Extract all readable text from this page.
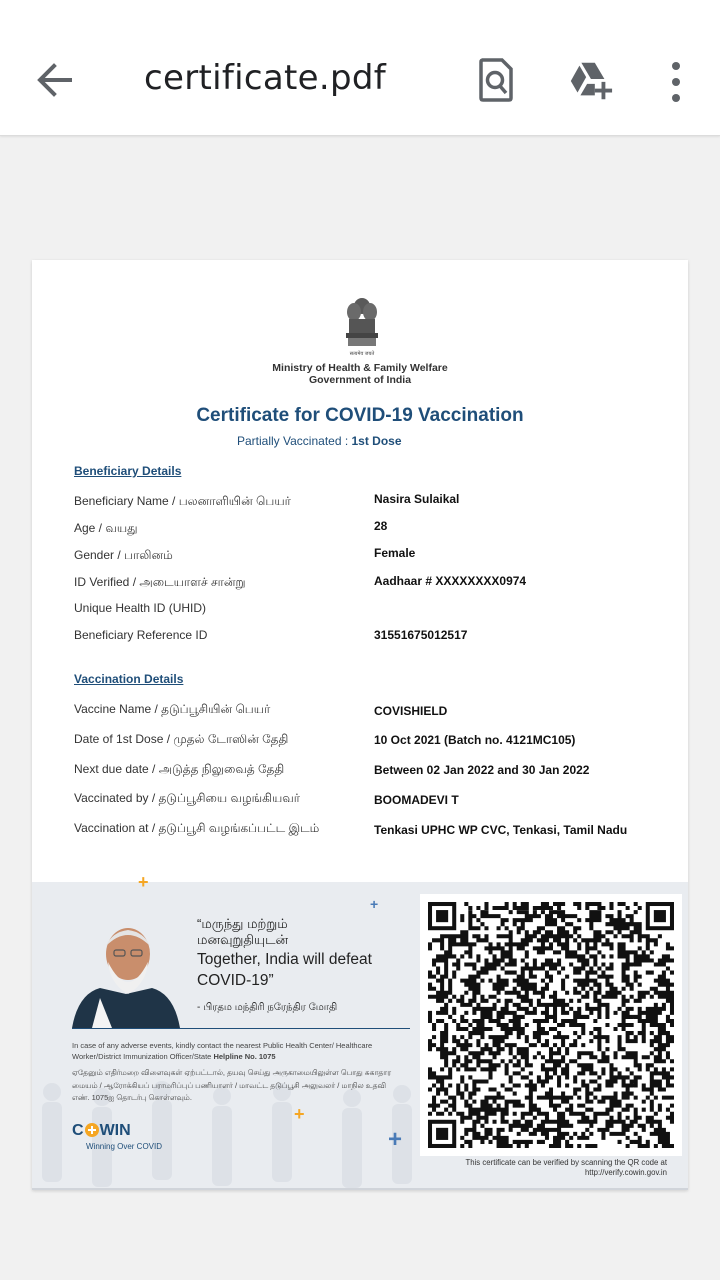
certificate.pdf
सत्यमेव जयते
Ministry of Health & Family Welfare
Government of India
Certificate for COVID-19 Vaccination
Partially Vaccinated : 1st Dose
Beneficiary Details
Beneficiary Name / பலனாளியின் பெயர்	Nasira Sulaikal
Age / வயது	28
Gender / பாலினம்	Female
ID Verified / அடையாளச் சான்று	Aadhaar # XXXXXXXX0974
Unique Health ID (UHID)
Beneficiary Reference ID	31551675012517
Vaccination Details
Vaccine Name / தடுப்பூசியின் பெயர்	COVISHIELD
Date of 1st Dose / முதல் டோஸின் தேதி	10 Oct 2021 (Batch no. 4121MC105)
Next due date / அடுத்த நிலுவைத் தேதி	Between 02 Jan 2022 and 30 Jan 2022
Vaccinated by / தடுப்பூசியை வழங்கியவர்	BOOMADEVI T
Vaccination at / தடுப்பூசி வழங்கப்பட்ட இடம்	Tenkasi UPHC WP CVC, Tenkasi, Tamil Nadu
“மருந்து மற்றும்
மனவுறுதியுடன்
Together, India will defeat COVID-19”
- பிரதம மந்திரி நரேந்திர மோதி
In case of any adverse events, kindly contact the nearest Public Health Center/ Healthcare Worker/District Immunization Officer/State Helpline No. 1075
ஏதேனும் எதிர்மறை விளைவுகள் ஏற்பட்டால், தயவு செய்து அருகாமையிலுள்ள பொது சுகாதார மையம் / ஆரோக்கியப் பராமரிப்புப் பணியாளர் / மாவட்ட தடுப்பூசி அலுவலர் / மாநில உதவி எண். 1075ஐ தொடர்பு கொள்ளவும்.
C WIN
Winning Over COVID
+
+
+
+
This certificate can be verified by scanning the QR code at http://verify.cowin.gov.in
